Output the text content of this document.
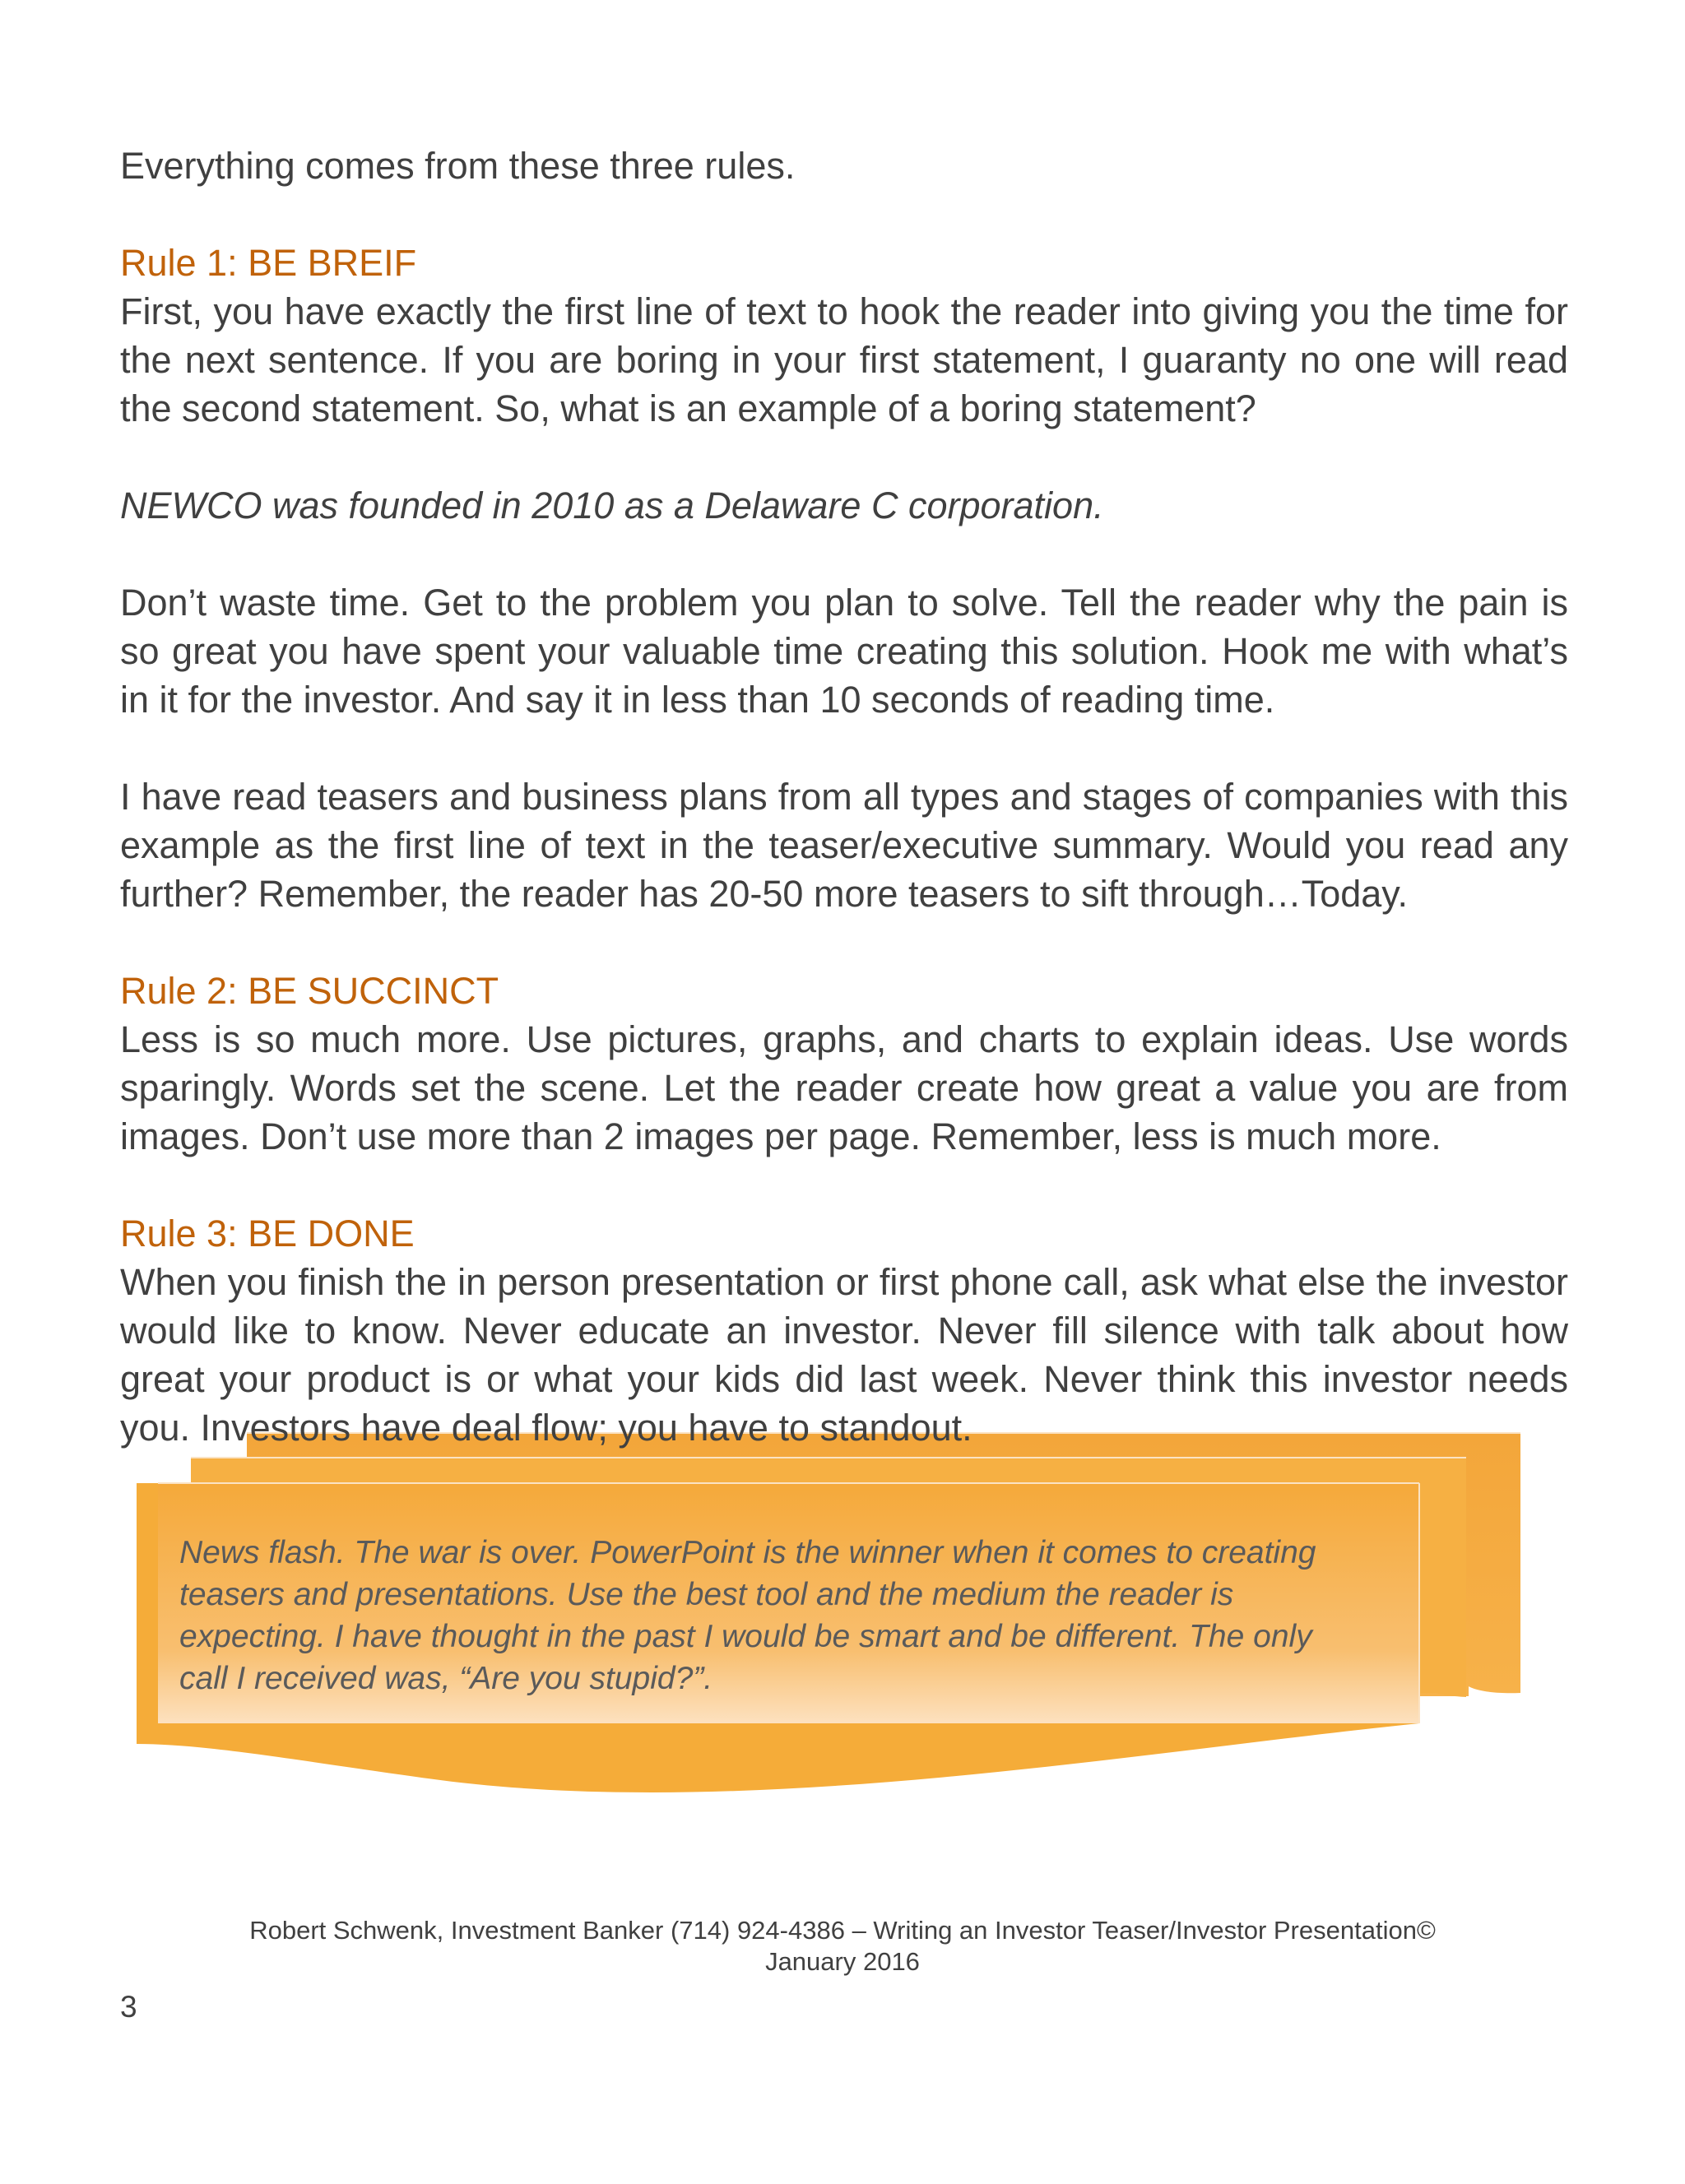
Everything comes from these three rules.

Rule 1: BE BREIF

First, you have exactly the first line of text to hook the reader into giving you the time for the next sentence. If you are boring in your first statement, I guaranty no one will read the second statement. So, what is an example of a boring statement?

NEWCO was founded in 2010 as a Delaware C corporation.

Don’t waste time. Get to the problem you plan to solve. Tell the reader why the pain is so great you have spent your valuable time creating this solution. Hook me with what’s in it for the investor. And say it in less than 10 seconds of reading time.

I have read teasers and business plans from all types and stages of companies with this example as the first line of text in the teaser/executive summary. Would you read any further? Remember, the reader has 20-50 more teasers to sift through…Today.

Rule 2: BE SUCCINCT

Less is so much more. Use pictures, graphs, and charts to explain ideas. Use words sparingly. Words set the scene. Let the reader create how great a value you are from images. Don’t use more than 2 images per page. Remember, less is much more.

Rule 3: BE DONE

When you finish the in person presentation or first phone call, ask what else the investor would like to know. Never educate an investor. Never fill silence with talk about how great your product is or what your kids did last week. Never think this investor needs you. Investors have deal flow; you have to standout.

News flash. The war is over. PowerPoint is the winner when it comes to creating teasers and presentations. Use the best tool and the medium the reader is expecting. I have thought in the past I would be smart and be different. The only call I received was, “Are you stupid?”.
Robert Schwenk, Investment Banker (714) 924-4386 – Writing an Investor Teaser/Investor Presentation©
January 2016
3
